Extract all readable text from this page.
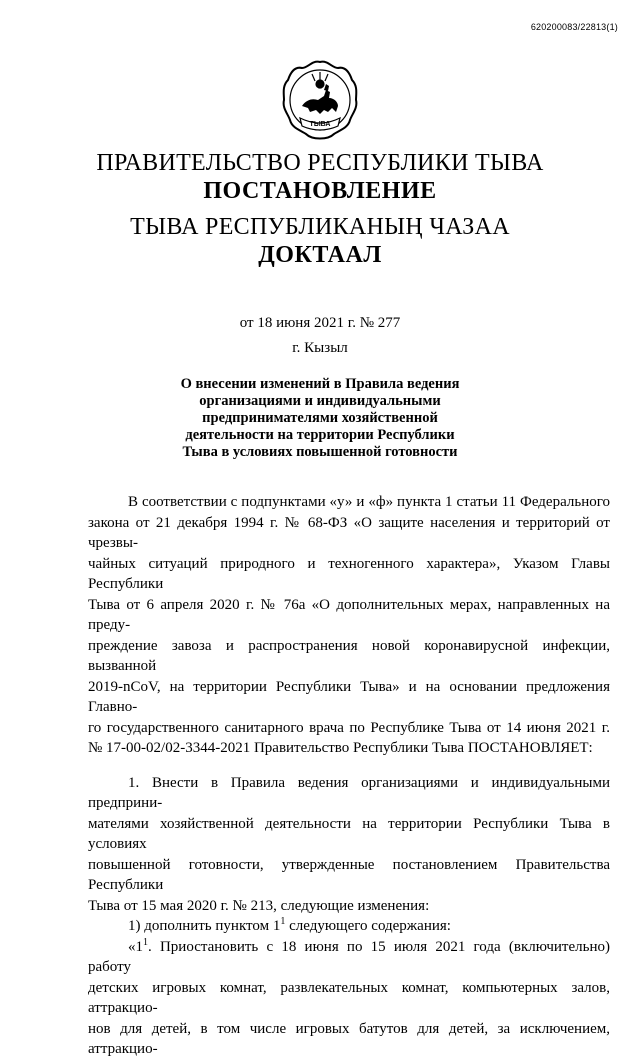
620200083/22813(1)
ТЫВА
ПРАВИТЕЛЬСТВО РЕСПУБЛИКИ ТЫВА
ПОСТАНОВЛЕНИЕ
ТЫВА РЕСПУБЛИКАНЫҢ ЧАЗАА
ДОКТААЛ
от 18 июня 2021 г. № 277
г. Кызыл
О внесении изменений в Правила ведения
организациями и индивидуальными
предпринимателями хозяйственной
деятельности на территории Республики
Тыва в условиях повышенной готовности

В соответствии с подпунктами «у» и «ф» пункта 1 статьи 11 Федерального

закона от 21 декабря 1994 г. № 68-ФЗ «О защите населения и территорий от чрезвы-

чайных ситуаций природного и техногенного характера», Указом Главы Республики

Тыва от 6 апреля 2020 г. № 76а «О дополнительных мерах, направленных на преду-

преждение завоза и распространения новой коронавирусной инфекции, вызванной

2019-nCoV, на территории Республики Тыва» и на основании предложения Главно-

го государственного санитарного врача по Республике Тыва от 14 июня 2021 г.

№ 17-00-02/02-3344-2021 Правительство Республики Тыва ПОСТАНОВЛЯЕТ:

1. Внести в Правила ведения организациями и индивидуальными предприни-

мателями хозяйственной деятельности на территории Республики Тыва в условиях

повышенной готовности, утвержденные постановлением Правительства Республики

Тыва от 15 мая 2020 г. № 213, следующие изменения:

1) дополнить пунктом $1^1$ следующего содержания:

«$1^1$. Приостановить с 18 июня по 15 июля 2021 года (включительно) работу

детских игровых комнат, развлекательных комнат, компьютерных залов, аттракцио-

нов для детей, в том числе игровых батутов для детей, за исключением, аттракцио-
